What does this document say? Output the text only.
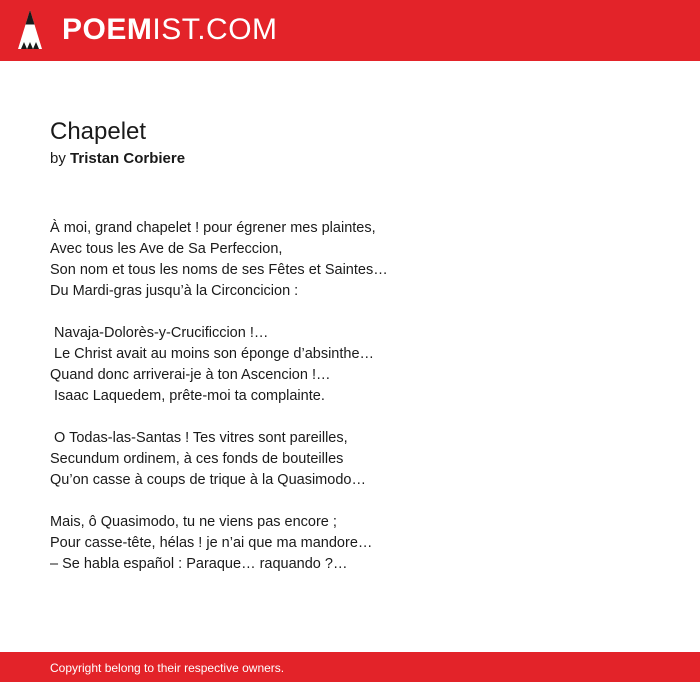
POEMIST.COM
Chapelet
by Tristan Corbiere
À moi, grand chapelet ! pour égrener mes plaintes,
Avec tous les Ave de Sa Perfeccion,
Son nom et tous les noms de ses Fêtes et Saintes…
Du Mardi-gras jusqu’à la Circoncicion :
Navaja-Dolorès-y-Crucificcion !…
Le Christ avait au moins son éponge d’absinthe…
Quand donc arriverai-je à ton Ascencion !…
Isaac Laquedem, prête-moi ta complainte.
O Todas-las-Santas ! Tes vitres sont pareilles,
Secundum ordinem, à ces fonds de bouteilles
Qu’on casse à coups de trique à la Quasimodo…
Mais, ô Quasimodo, tu ne viens pas encore ;
Pour casse-tête, hélas ! je n’ai que ma mandore…
– Se habla español : Paraque… raquando ?…
Copyright belong to their respective owners.
